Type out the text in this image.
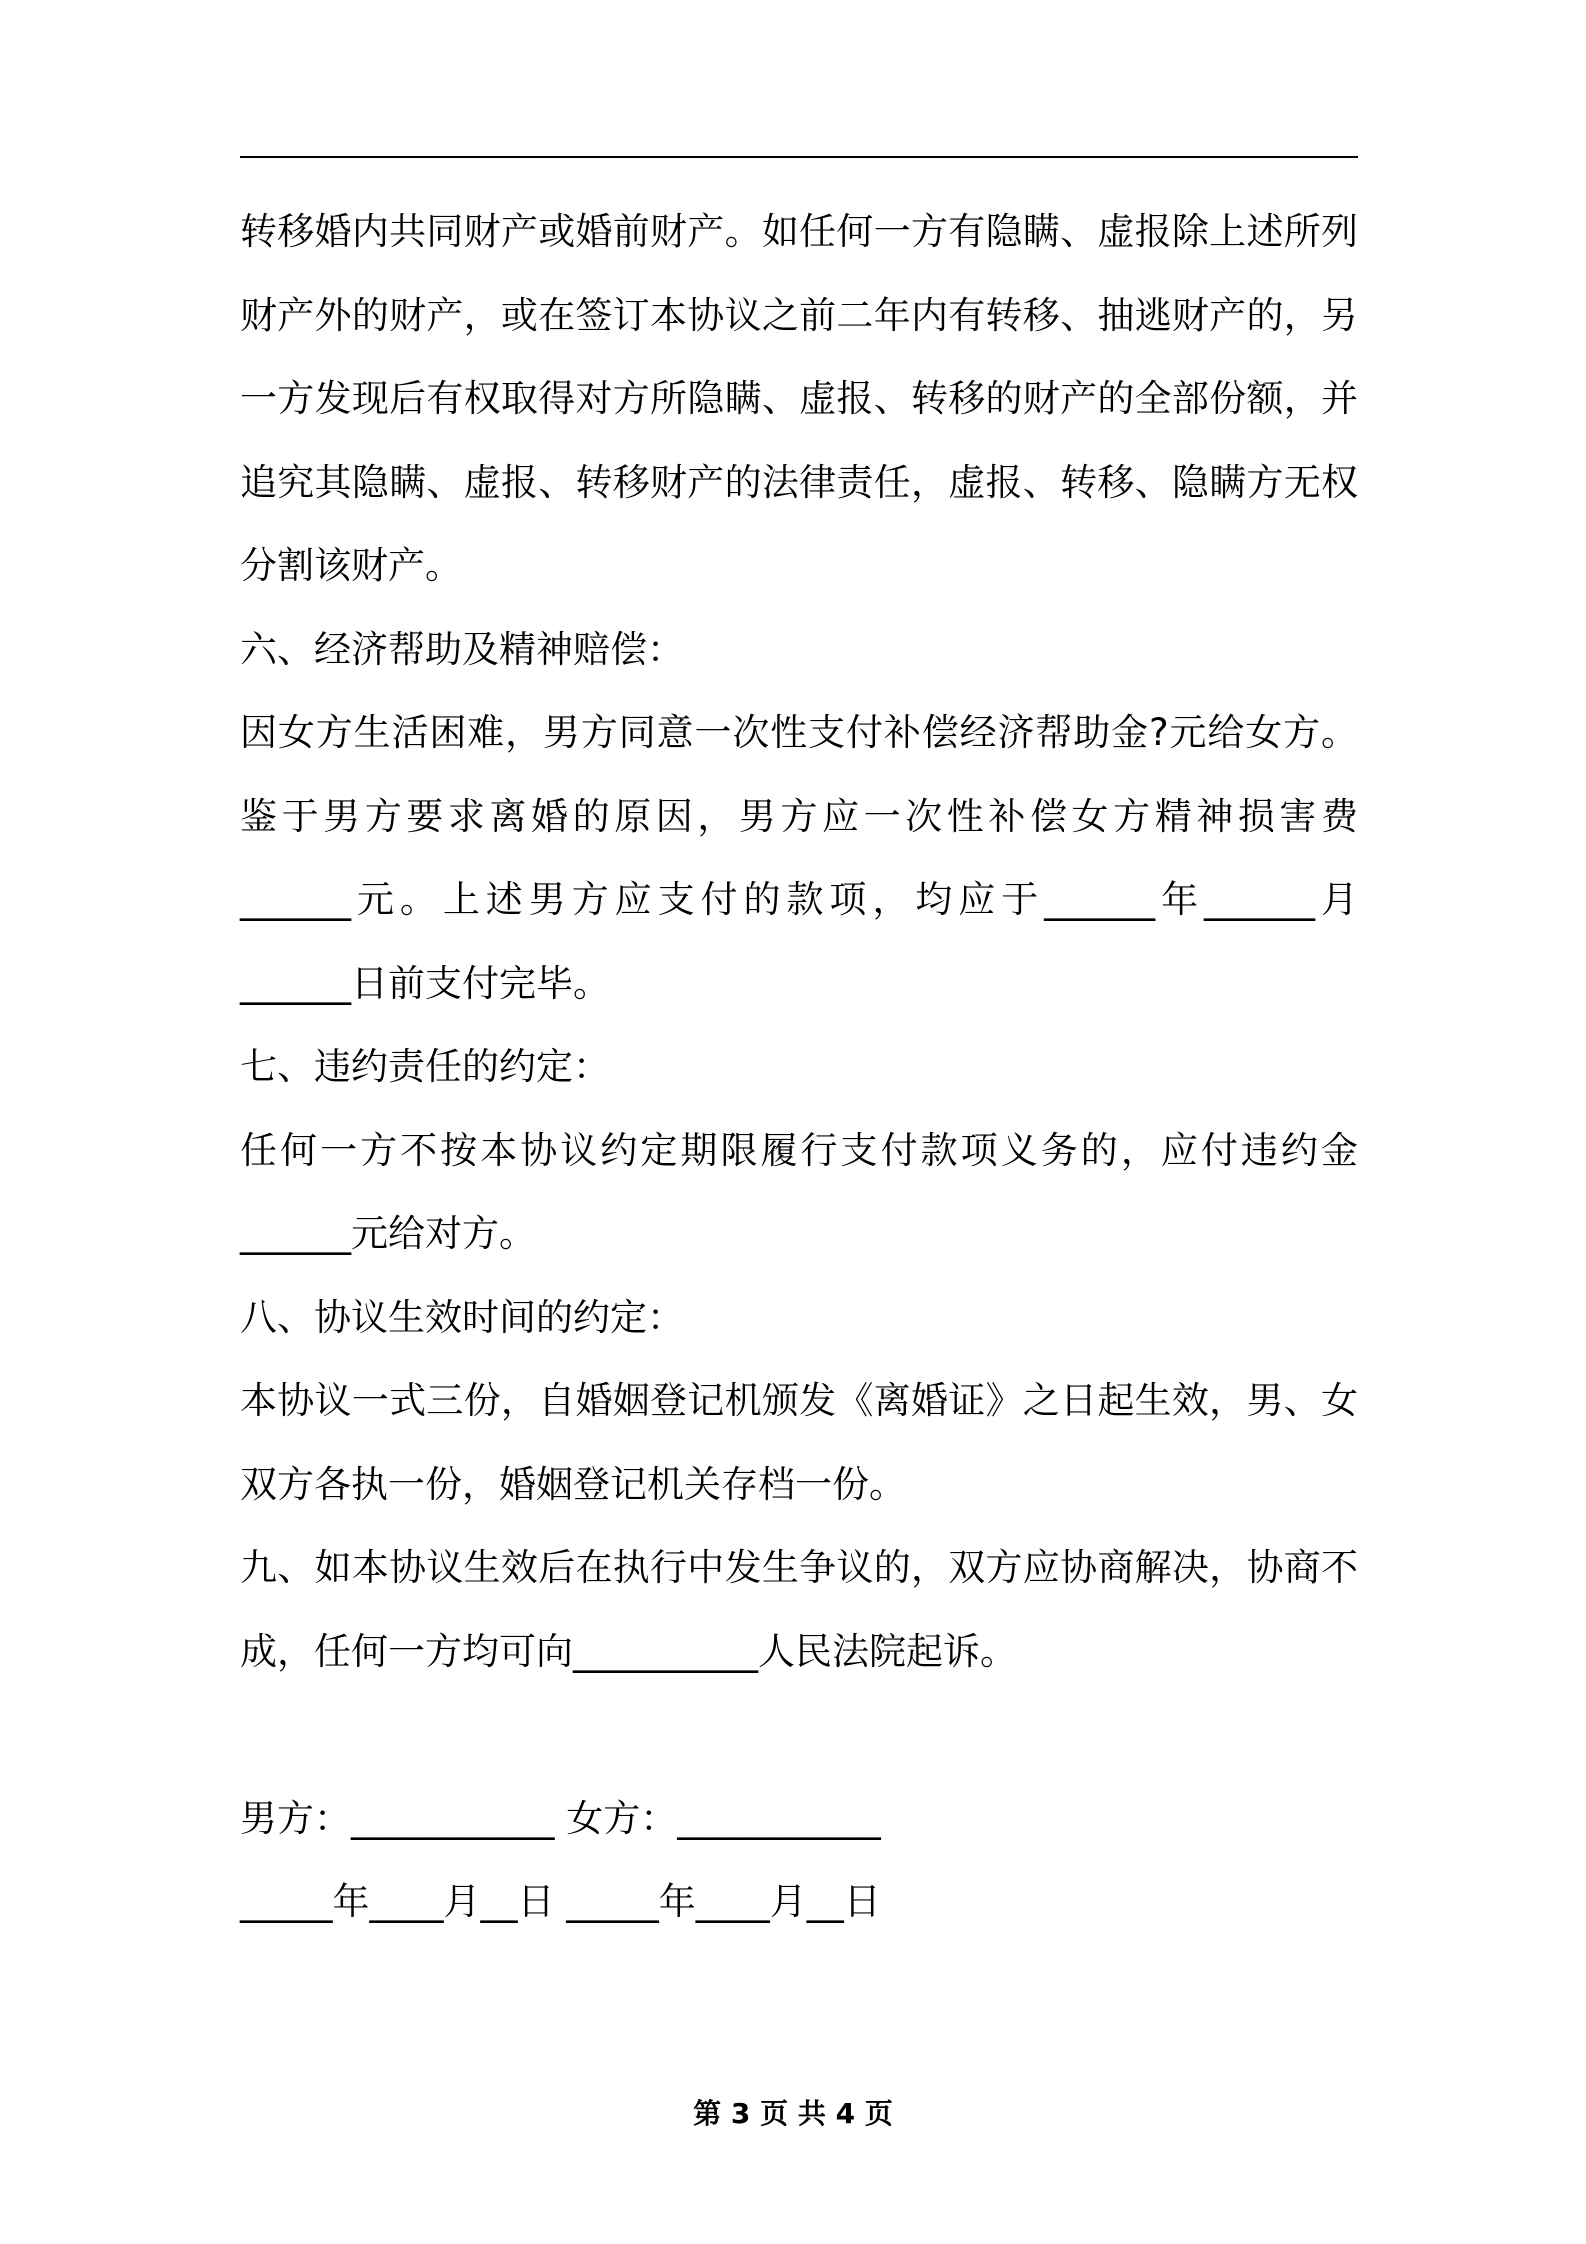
转移婚内共同财产或婚前财产。如任何一方有隐瞒、虚报除上述所列
财产外的财产，或在签订本协议之前二年内有转移、抽逃财产的，另
一方发现后有权取得对方所隐瞒、虚报、转移的财产的全部份额，并
追究其隐瞒、虚报、转移财产的法律责任，虚报、转移、隐瞒方无权
分割该财产。
六、经济帮助及精神赔偿：
因女方生活困难，男方同意一次性支付补偿经济帮助金?元给女方。
鉴于男方要求离婚的原因，男方应一次性补偿女方精神损害费
______元。上述男方应支付的款项，均应于______年______月
______日前支付完毕。
七、违约责任的约定：
任何一方不按本协议约定期限履行支付款项义务的，应付违约金
______元给对方。
八、协议生效时间的约定：
本协议一式三份，自婚姻登记机颁发《离婚证》之日起生效，男、女
双方各执一份，婚姻登记机关存档一份。
九、如本协议生效后在执行中发生争议的，双方应协商解决，协商不
成，任何一方均可向__________人民法院起诉。
男方：___________ 女方：___________
_____年____月__日 _____年____月__日
第 3 页 共 4 页
